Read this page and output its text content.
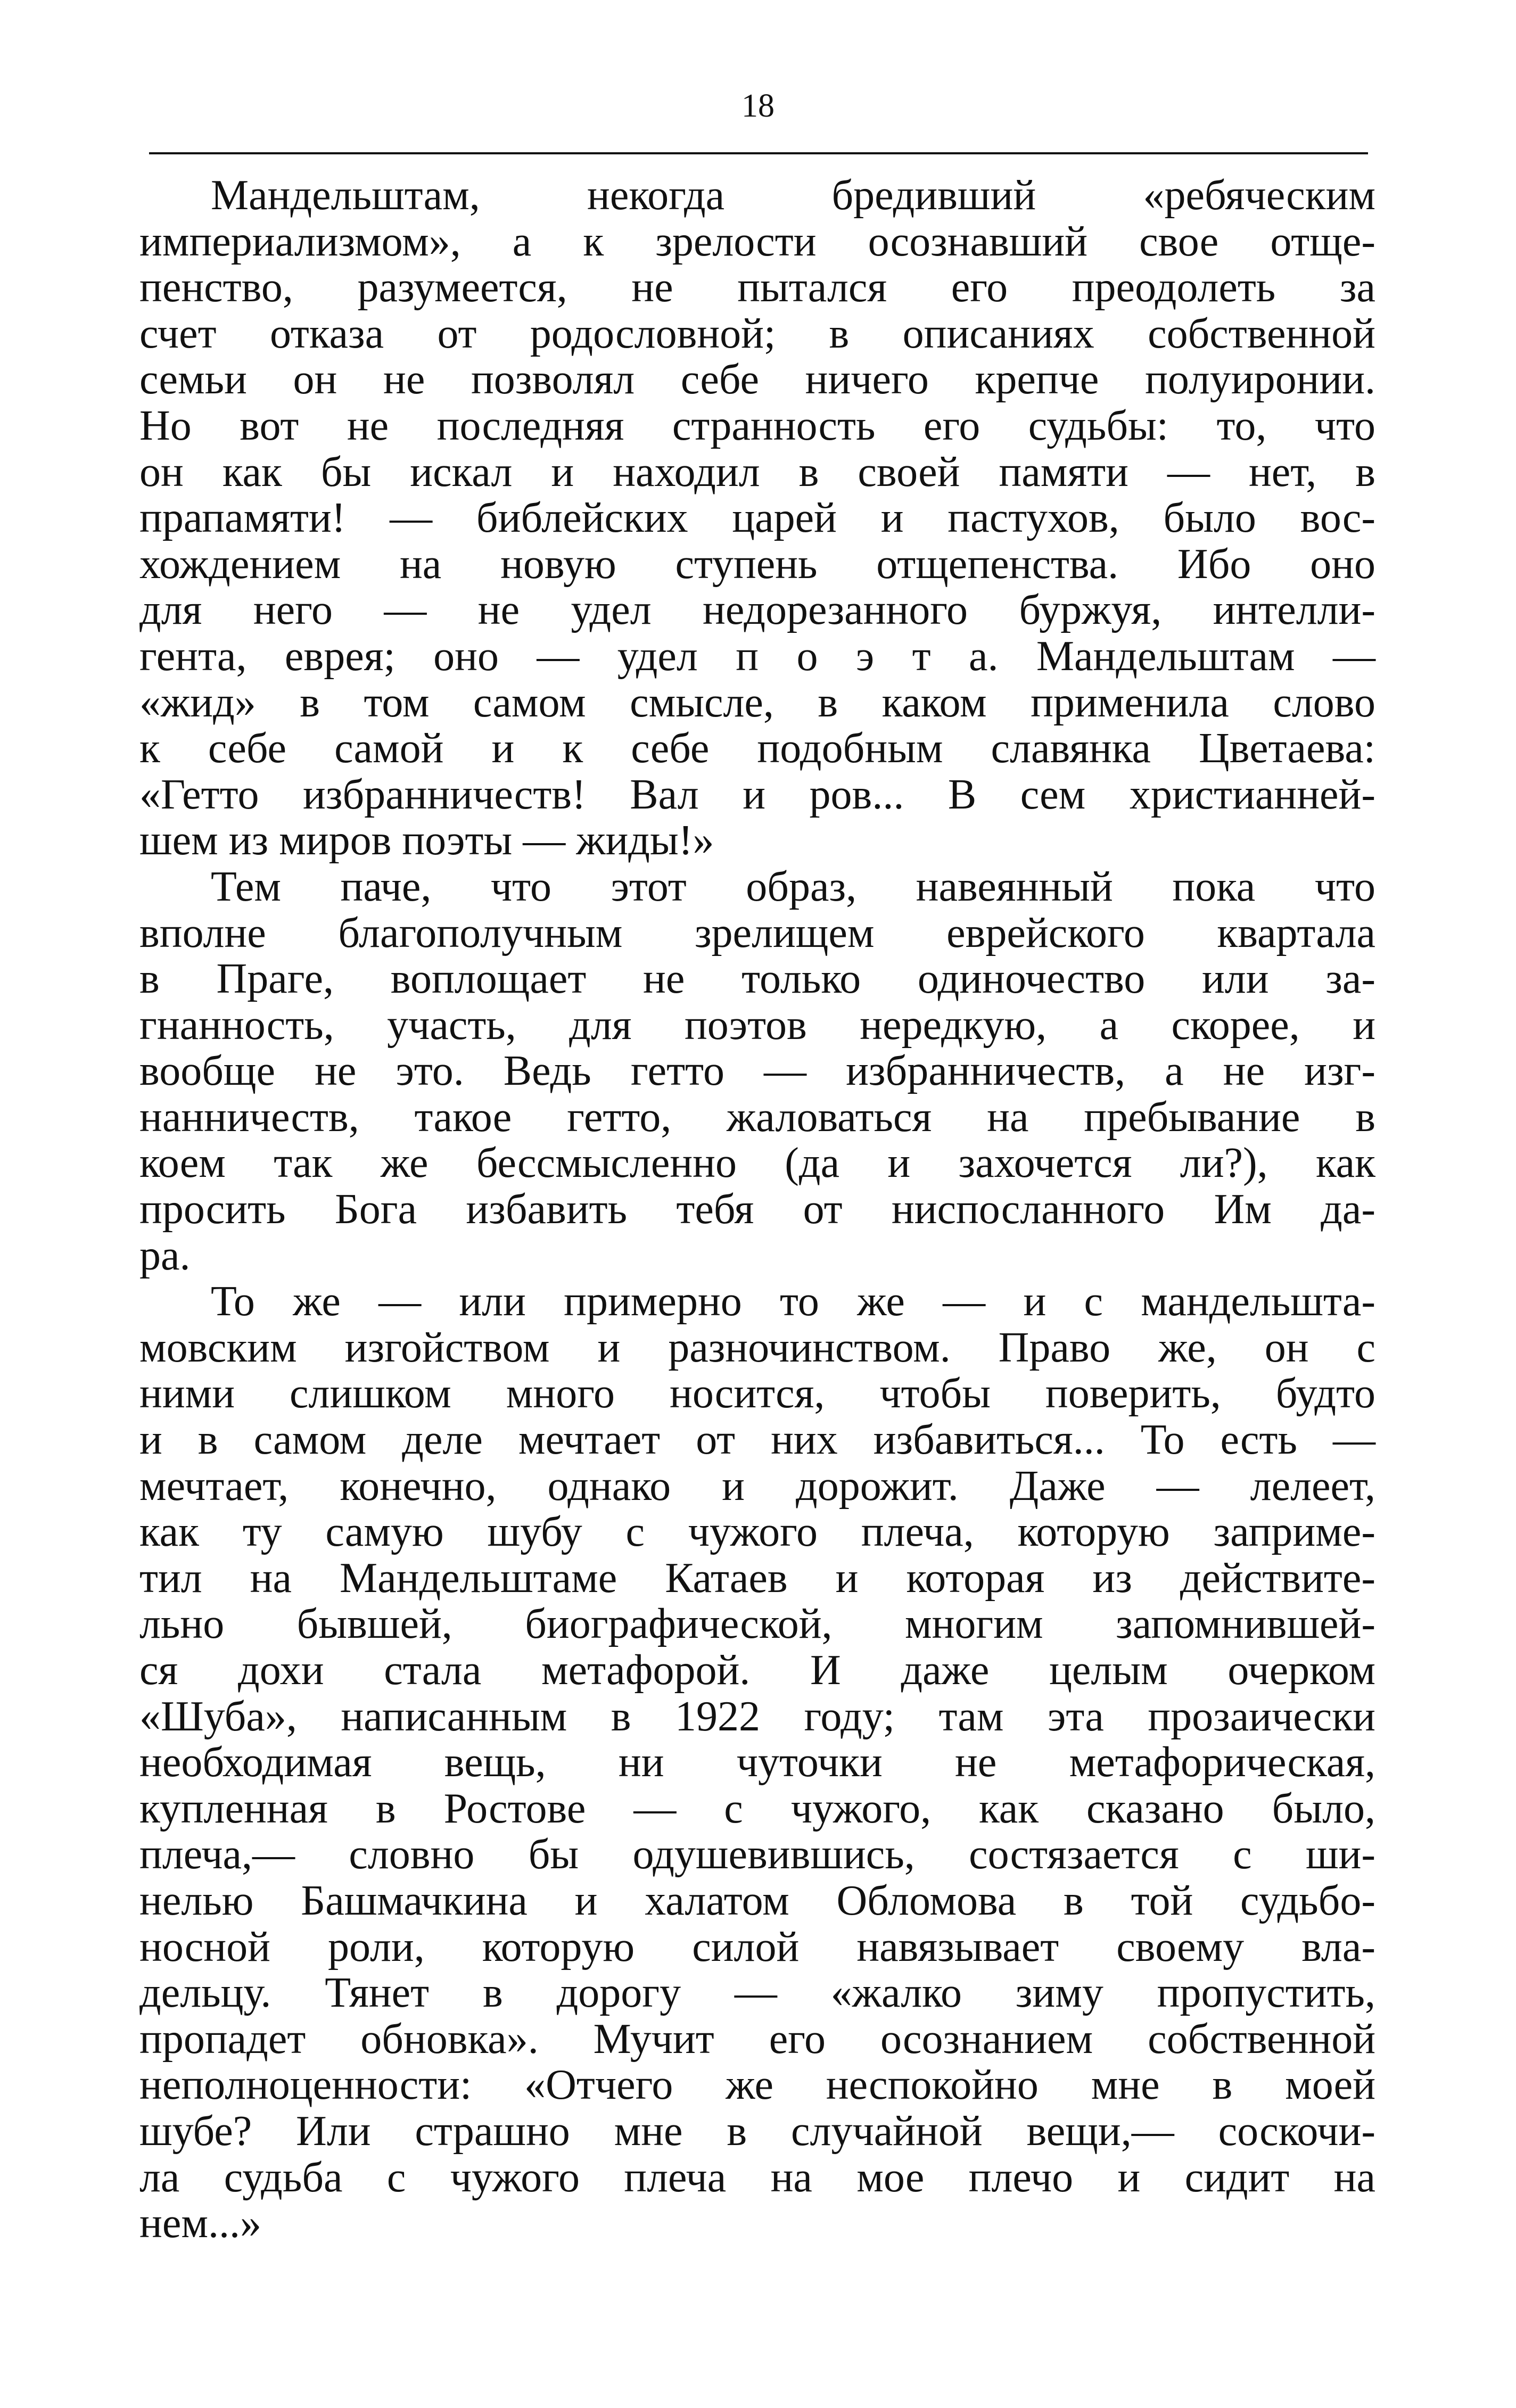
18
Мандельштам, некогда бредивший «ребяческим
империализмом», а к зрелости осознавший свое отще-
пенство, разумеется, не пытался его преодолеть за
счет отказа от родословной; в описаниях собственной
семьи он не позволял себе ничего крепче полуиронии.
Но вот не последняя странность его судьбы: то, что
он как бы искал и находил в своей памяти — нет, в
прапамяти! — библейских царей и пастухов, было вос-
хождением на новую ступень отщепенства. Ибо оно
для него — не удел недорезанного буржуя, интелли-
гента, еврея; оно — удел п о э т а. Мандельштам —
«жид» в том самом смысле, в каком применила слово
к себе самой и к себе подобным славянка Цветаева:
«Гетто избранничеств! Вал и ров... В сем христианней-
шем из миров поэты — жиды!»
Тем паче, что этот образ, навеянный пока что
вполне благополучным зрелищем еврейского квартала
в Праге, воплощает не только одиночество или за-
гнанность, участь, для поэтов нередкую, а скорее, и
вообще не это. Ведь гетто — избранничеств, а не изг-
нанничеств, такое гетто, жаловаться на пребывание в
коем так же бессмысленно (да и захочется ли?), как
просить Бога избавить тебя от ниспосланного Им да-
ра.
То же — или примерно то же — и с мандельшта-
мовским изгойством и разночинством. Право же, он с
ними слишком много носится, чтобы поверить, будто
и в самом деле мечтает от них избавиться... То есть —
мечтает, конечно, однако и дорожит. Даже — лелеет,
как ту самую шубу с чужого плеча, которую заприме-
тил на Мандельштаме Катаев и которая из действите-
льно бывшей, биографической, многим запомнившей-
ся дохи стала метафорой. И даже целым очерком
«Шуба», написанным в 1922 году; там эта прозаически
необходимая вещь, ни чуточки не метафорическая,
купленная в Ростове — с чужого, как сказано было,
плеча,— словно бы одушевившись, состязается с ши-
нелью Башмачкина и халатом Обломова в той судьбо-
носной роли, которую силой навязывает своему вла-
дельцу. Тянет в дорогу — «жалко зиму пропустить,
пропадет обновка». Мучит его осознанием собственной
неполноценности: «Отчего же неспокойно мне в моей
шубе? Или страшно мне в случайной вещи,— соскочи-
ла судьба с чужого плеча на мое плечо и сидит на
нем...»
